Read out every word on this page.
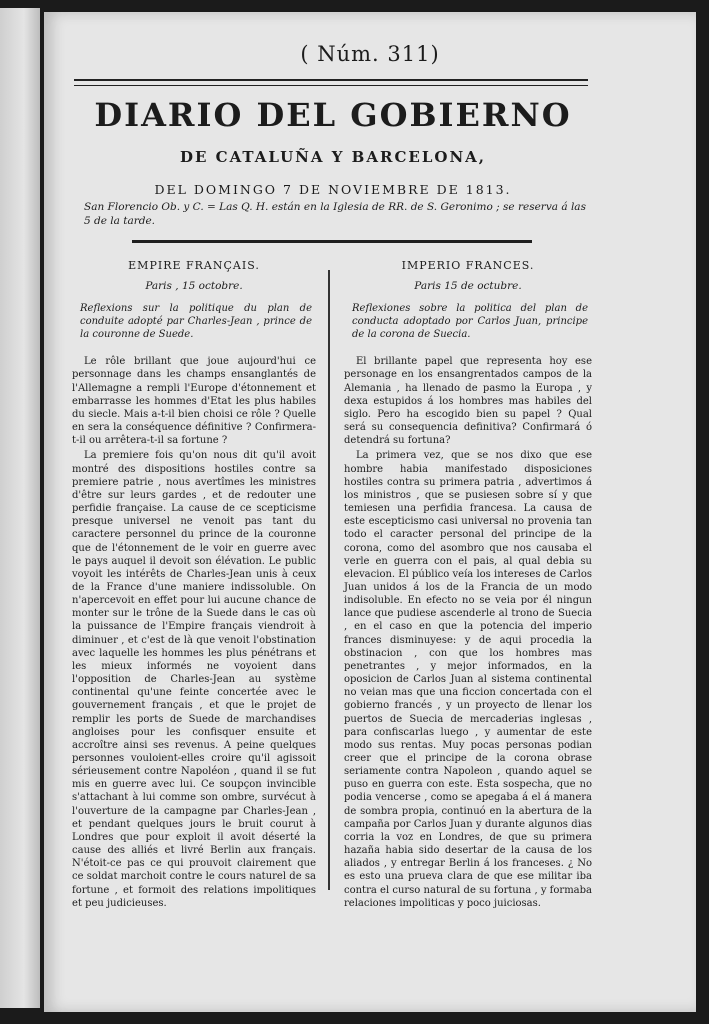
( Núm. 311)
DIARIO DEL GOBIERNO
DE CATALUÑA Y BARCELONA,
DEL DOMINGO 7 DE NOVIEMBRE DE 1813.
San Florencio Ob. y C. = Las Q. H. están en la Iglesia de RR. de S. Geronimo ; se reserva á las 5 de la tarde.
EMPIRE FRANÇAIS.
Paris , 15 octobre.
Reflexions sur la politique du plan de conduite adopté par Charles-Jean , prince de la couronne de Suede.

Le rôle brillant que joue aujourd'hui ce personnage dans les champs ensanglantés de l'Allemagne a rempli l'Europe d'étonnement et embarrasse les hommes d'Etat les plus habiles du siecle. Mais a-t-il bien choisi ce rôle ? Quelle en sera la conséquence définitive ? Confirmera-t-il ou arrêtera-t-il sa fortune ?

La premiere fois qu'on nous dit qu'il avoit montré des dispositions hostiles contre sa premiere patrie , nous avertîmes les ministres d'être sur leurs gardes , et de redouter une perfidie française. La cause de ce scepticisme presque universel ne venoit pas tant du caractere personnel du prince de la couronne que de l'étonnement de le voir en guerre avec le pays auquel il devoit son élévation. Le public voyoit les intérêts de Charles-Jean unis à ceux de la France d'une maniere indissoluble. On n'apercevoit en effet pour lui aucune chance de monter sur le trône de la Suede dans le cas où la puissance de l'Empire français viendroit à diminuer , et c'est de là que venoit l'obstination avec laquelle les hommes les plus pénétrans et les mieux informés ne voyoient dans l'opposition de Charles-Jean au système continental qu'une feinte concertée avec le gouvernement français , et que le projet de remplir les ports de Suede de marchandises angloises pour les confisquer ensuite et accroître ainsi ses revenus. A peine quelques personnes vouloient-elles croire qu'il agissoit sérieusement contre Napoléon , quand il se fut mis en guerre avec lui. Ce soupçon invincible s'attachant à lui comme son ombre, survécut à l'ouverture de la campagne par Charles-Jean , et pendant quelques jours le bruit courut à Londres que pour exploit il avoit déserté la cause des alliés et livré Berlin aux français. N'étoit-ce pas ce qui prouvoit clairement que ce soldat marchoit contre le cours naturel de sa fortune , et formoit des relations impolitiques et peu judicieuses.

IMPERIO FRANCES.
Paris 15 de octubre.
Reflexiones sobre la politica del plan de conducta adoptado por Carlos Juan, principe de la corona de Suecia.

El brillante papel que representa hoy ese personage en los ensangrentados campos de la Alemania , ha llenado de pasmo la Europa , y dexa estupidos á los hombres mas habiles del siglo. Pero ha escogido bien su papel ? Qual será su consequencia definitiva? Confirmará ó detendrá su fortuna?

La primera vez, que se nos dixo que ese hombre habia manifestado disposiciones hostiles contra su primera patria , advertimos á los ministros , que se pusiesen sobre sí y que temiesen una perfidia francesa. La causa de este escepticismo casi universal no provenia tan todo el caracter personal del principe de la corona, como del asombro que nos causaba el verle en guerra con el pais, al qual debia su elevacion. El público veía los intereses de Carlos Juan unidos á los de la Francia de un modo indisoluble. En efecto no se veia por él ningun lance que pudiese ascenderle al trono de Suecia , en el caso en que la potencia del imperio frances disminuyese: y de aqui procedia la obstinacion , con que los hombres mas penetrantes , y mejor informados, en la oposicion de Carlos Juan al sistema continental no veian mas que una ficcion concertada con el gobierno francés , y un proyecto de llenar los puertos de Suecia de mercaderias inglesas , para confiscarlas luego , y aumentar de este modo sus rentas. Muy pocas personas podian creer que el principe de la corona obrase seriamente contra Napoleon , quando aquel se puso en guerra con este. Esta sospecha, que no podia vencerse , como se apegaba á el á manera de sombra propia, continuó en la abertura de la campaña por Carlos Juan y durante algunos dias corria la voz en Londres, de que su primera hazaña habia sido desertar de la causa de los aliados , y entregar Berlin á los franceses. ¿ No es esto una prueva clara de que ese militar iba contra el curso natural de su fortuna , y formaba relaciones impoliticas y poco juiciosas.
